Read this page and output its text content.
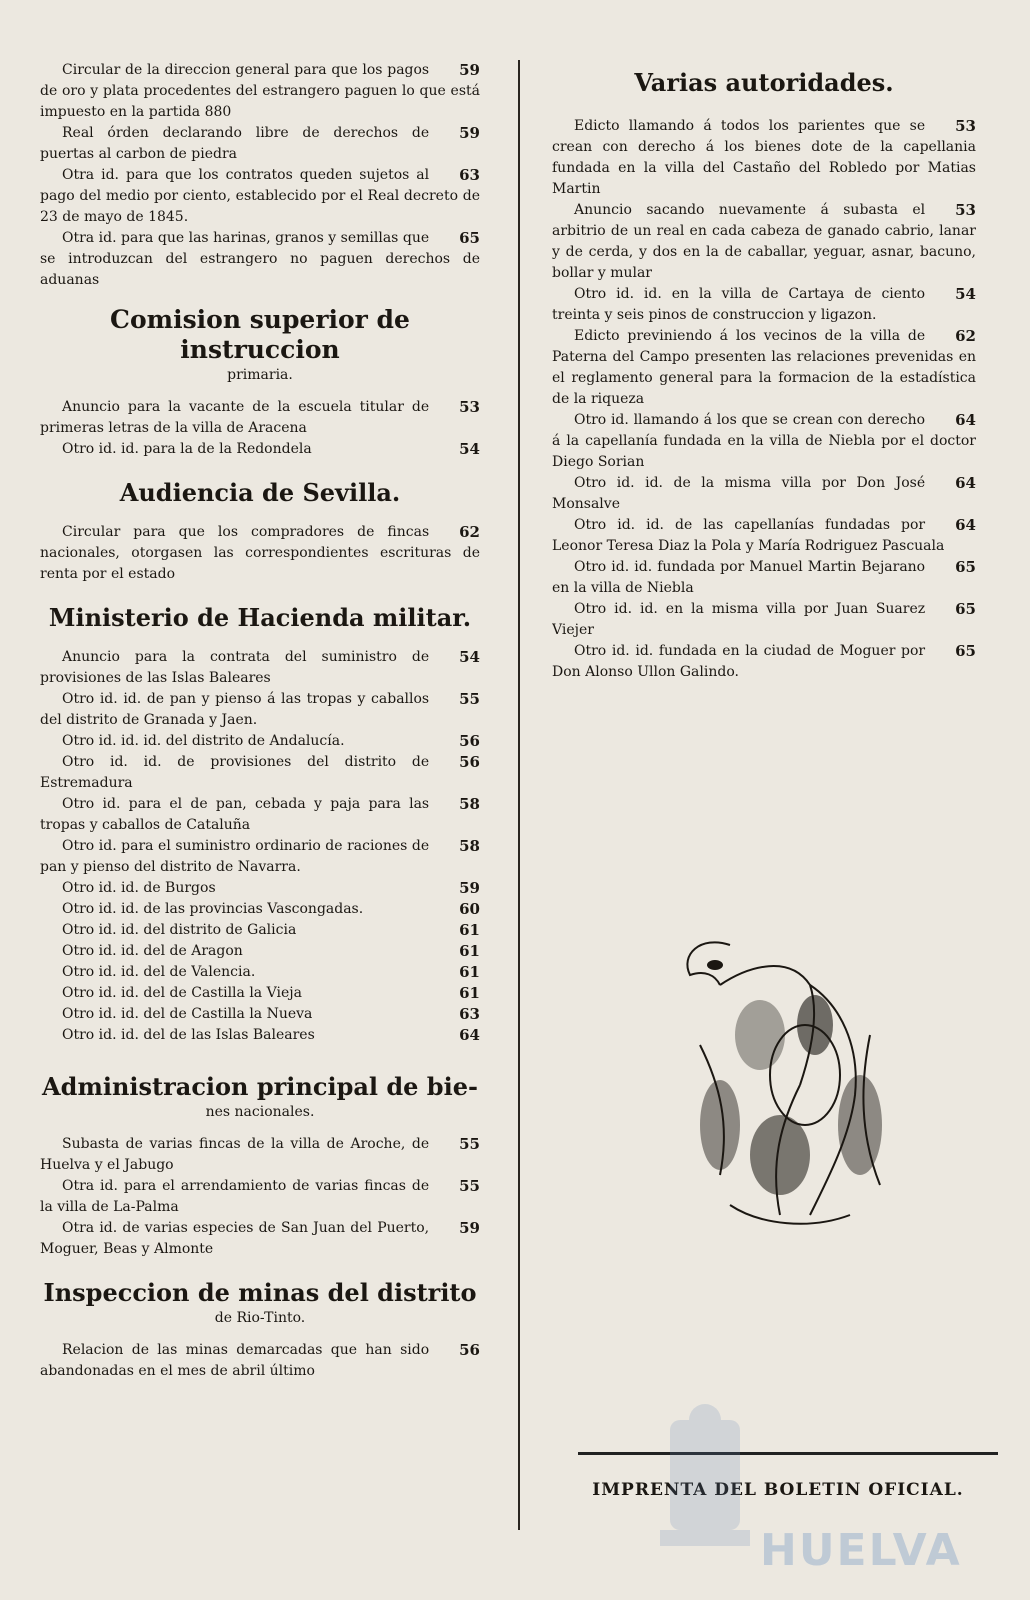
59
Circular de la direccion general para que los pagos de oro y plata procedentes del estrangero paguen lo que está impuesto en la partida 880

59
Real órden declarando libre de derechos de puertas al carbon de piedra

63
Otra id. para que los contratos queden sujetos al pago del medio por ciento, establecido por el Real decreto de 23 de mayo de 1845.

65
Otra id. para que las harinas, granos y semillas que se introduzcan del estrangero no paguen derechos de aduanas

Comision superior de instruccion
primaria.

53
Anuncio para la vacante de la escuela titular de primeras letras de la villa de Aracena

54
Otro id. id. para la de la Redondela

Audiencia de Sevilla.

62
Circular para que los compradores de fincas nacionales, otorgasen las correspondientes escrituras de renta por el estado

Ministerio de Hacienda militar.

54
Anuncio para la contrata del suministro de provisiones de las Islas Baleares

55
Otro id. id. de pan y pienso á las tropas y caballos del distrito de Granada y Jaen.

56
Otro id. id. id. del distrito de Andalucía.

56
Otro id. id. de provisiones del distrito de Estremadura

58
Otro id. para el de pan, cebada y paja para las tropas y caballos de Cataluña

58
Otro id. para el suministro ordinario de raciones de pan y pienso del distrito de Navarra.

59
Otro id. id. de Burgos

60
Otro id. id. de las provincias Vascongadas.

61
Otro id. id. del distrito de Galicia

61
Otro id. id. del de Aragon

61
Otro id. id. del de Valencia.

61
Otro id. id. del de Castilla la Vieja

63
Otro id. id. del de Castilla la Nueva

64
Otro id. id. del de las Islas Baleares

Administracion principal de bie-
nes nacionales.

55
Subasta de varias fincas de la villa de Aroche, de Huelva y el Jabugo

55
Otra id. para el arrendamiento de varias fincas de la villa de La-Palma

59
Otra id. de varias especies de San Juan del Puerto, Moguer, Beas y Almonte

Inspeccion de minas del distrito
de Rio-Tinto.

56
Relacion de las minas demarcadas que han sido abandonadas en el mes de abril último

Varias autoridades.

53
Edicto llamando á todos los parientes que se crean con derecho á los bienes dote de la capellania fundada en la villa del Castaño del Robledo por Matias Martin

53
Anuncio sacando nuevamente á subasta el arbitrio de un real en cada cabeza de ganado cabrio, lanar y de cerda, y dos en la de caballar, yeguar, asnar, bacuno, bollar y mular

54
Otro id. id. en la villa de Cartaya de ciento treinta y seis pinos de construccion y ligazon.

62
Edicto previniendo á los vecinos de la villa de Paterna del Campo presenten las relaciones prevenidas en el reglamento general para la formacion de la estadística de la riqueza

64
Otro id. llamando á los que se crean con derecho á la capellanía fundada en la villa de Niebla por el doctor Diego Sorian

64
Otro id. id. de la misma villa por Don José Monsalve

64
Otro id. id. de las capellanías fundadas por Leonor Teresa Diaz la Pola y María Rodriguez Pascuala

65
Otro id. id. fundada por Manuel Martin Bejarano en la villa de Niebla

65
Otro id. id. en la misma villa por Juan Suarez Viejer

65
Otro id. id. fundada en la ciudad de Moguer por Don Alonso Ullon Galindo.

IMPRENTA DEL BOLETIN OFICIAL.
HUELVA
